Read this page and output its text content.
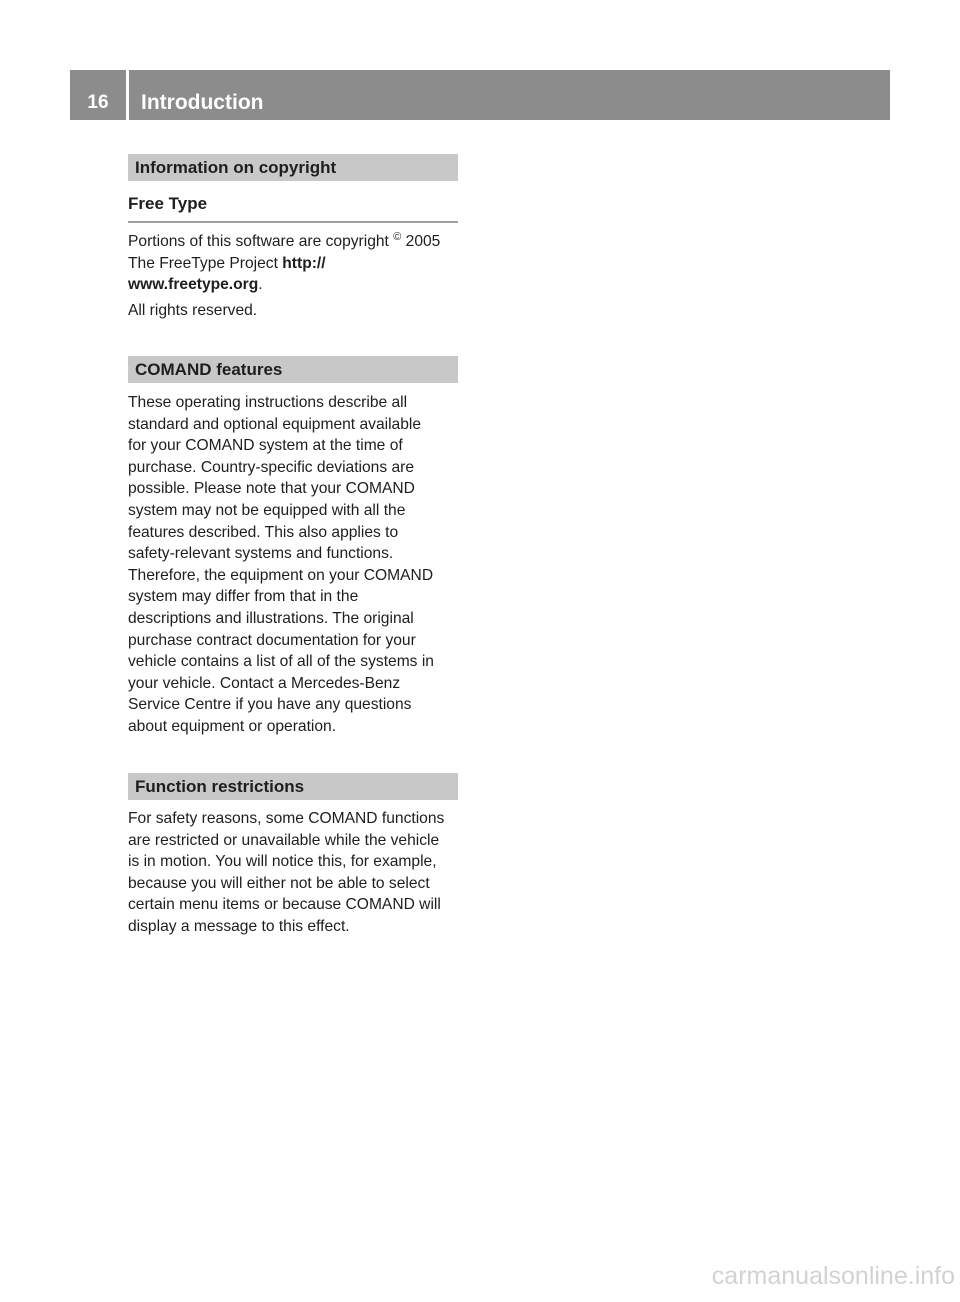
16	Introduction
Information on copyright
Free Type

Portions of this software are copyright © 2005
The FreeType Project http://
www.freetype.org.

All rights reserved.

COMAND features

These operating instructions describe all
standard and optional equipment available
for your COMAND system at the time of
purchase. Country-specific deviations are
possible. Please note that your COMAND
system may not be equipped with all the
features described. This also applies to
safety-relevant systems and functions.
Therefore, the equipment on your COMAND
system may differ from that in the
descriptions and illustrations. The original
purchase contract documentation for your
vehicle contains a list of all of the systems in
your vehicle. Contact a Mercedes-Benz
Service Centre if you have any questions
about equipment or operation.

Function restrictions

For safety reasons, some COMAND functions
are restricted or unavailable while the vehicle
is in motion. You will notice this, for example,
because you will either not be able to select
certain menu items or because COMAND will
display a message to this effect.

carmanualsonline.info
